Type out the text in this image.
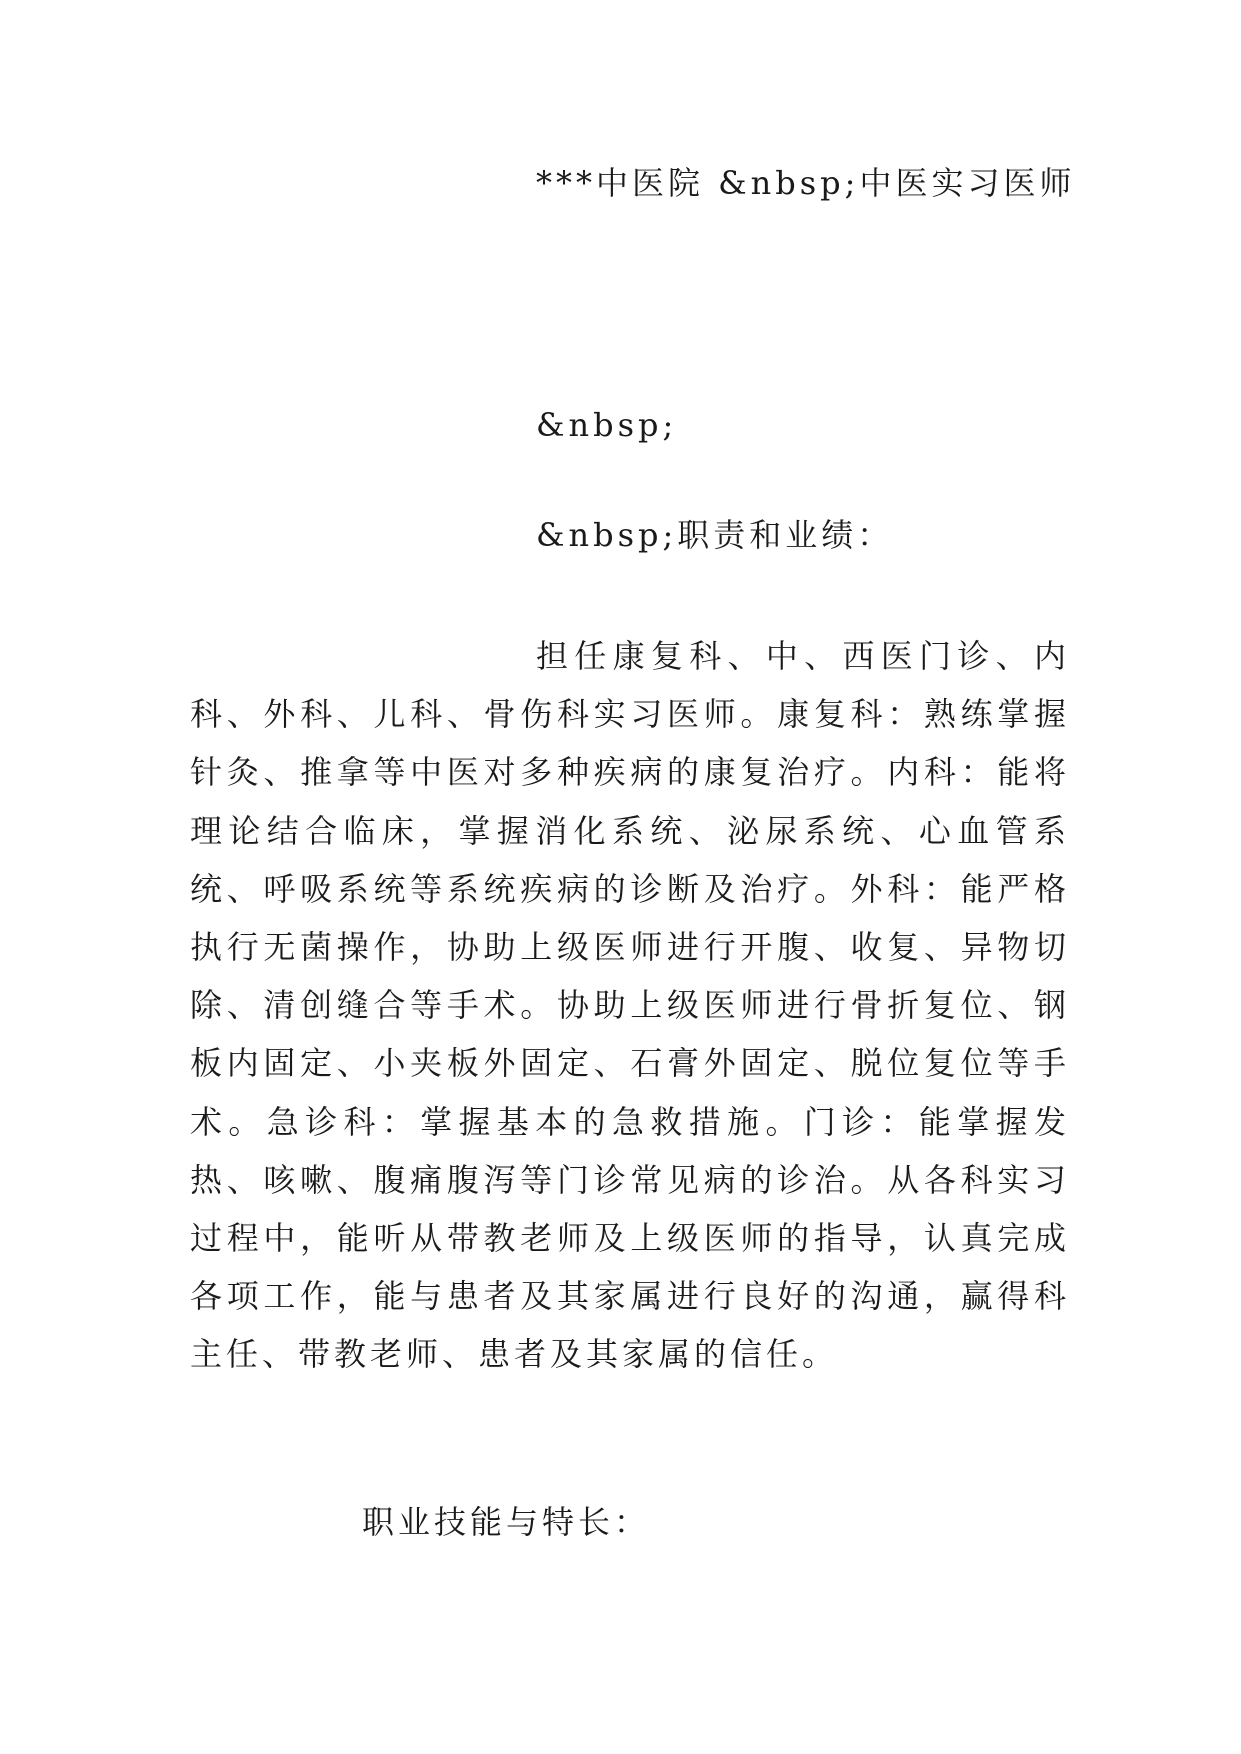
***中医院 &nbsp;中医实习医师
&nbsp;
&nbsp;职责和业绩：
担任康复科、中、西医门诊、内科、外科、儿科、骨伤科实习医师。康复科：熟练掌握针灸、推拿等中医对多种疾病的康复治疗。内科：能将理论结合临床，掌握消化系统、泌尿系统、心血管系统、呼吸系统等系统疾病的诊断及治疗。外科：能严格执行无菌操作，协助上级医师进行开腹、收复、异物切除、清创缝合等手术。协助上级医师进行骨折复位、钢板内固定、小夹板外固定、石膏外固定、脱位复位等手术。急诊科：掌握基本的急救措施。门诊：能掌握发热、咳嗽、腹痛腹泻等门诊常见病的诊治。从各科实习过程中，能听从带教老师及上级医师的指导，认真完成各项工作，能与患者及其家属进行良好的沟通，赢得科主任、带教老师、患者及其家属的信任。
职业技能与特长：
